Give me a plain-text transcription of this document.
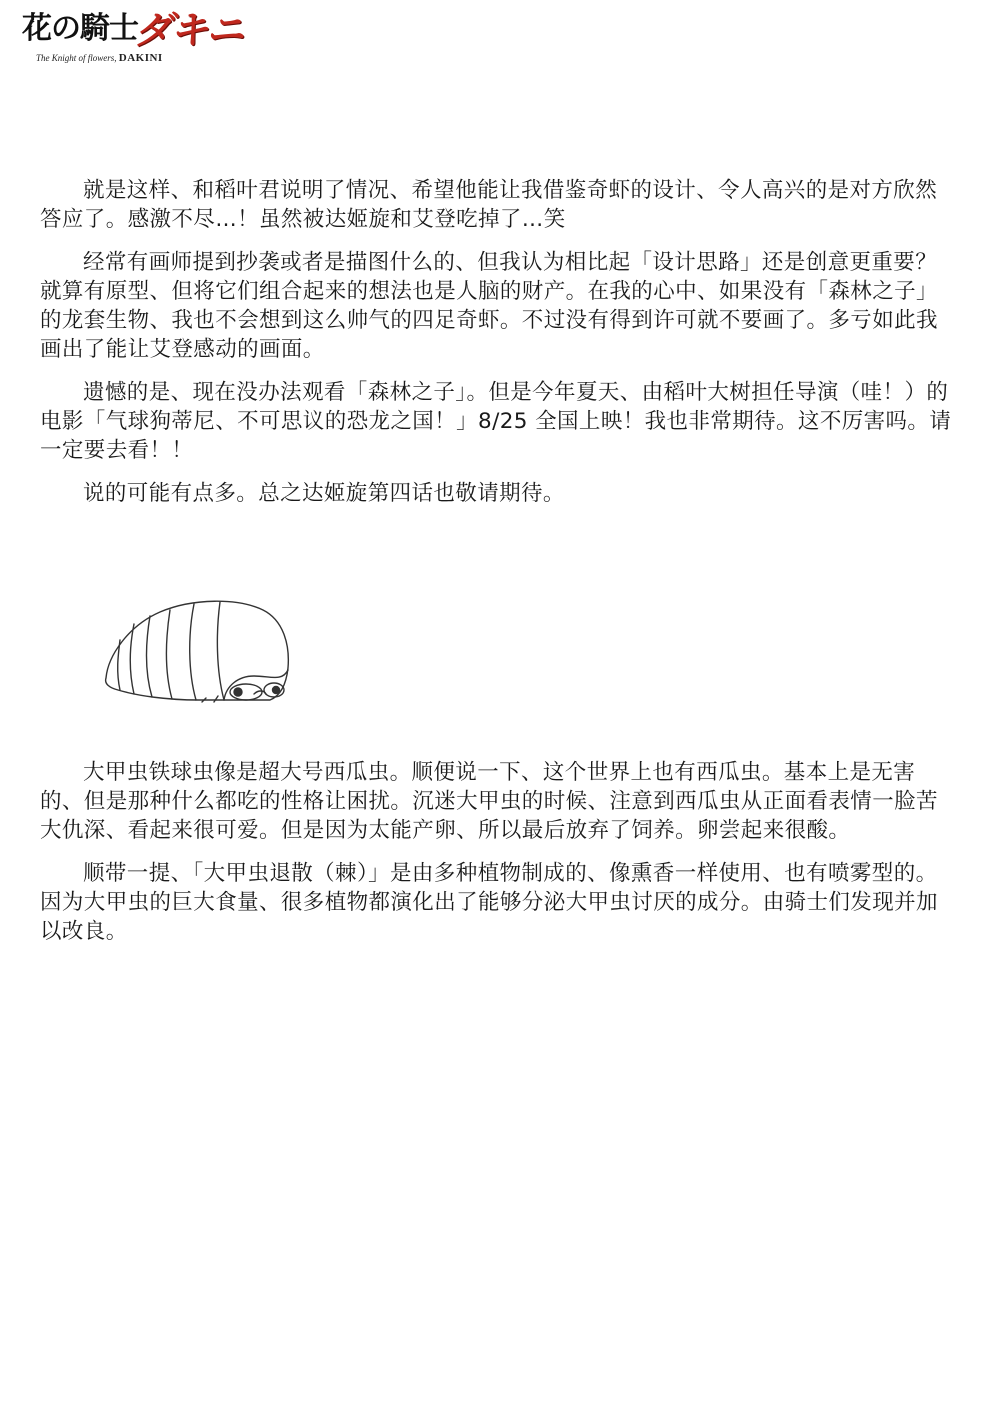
花の騎士
ダキニ
The Knight of flowers, DAKINI

就是这样、和稻叶君说明了情况、希望他能让我借鉴奇虾的设计、令人高兴的是对方欣然答应了。感激不尽…！虽然被达姬旋和艾登吃掉了…笑

经常有画师提到抄袭或者是描图什么的、但我认为相比起「设计思路」还是创意更重要？就算有原型、但将它们组合起来的想法也是人脑的财产。在我的心中、如果没有「森林之子」的龙套生物、我也不会想到这么帅气的四足奇虾。不过没有得到许可就不要画了。多亏如此我画出了能让艾登感动的画面。

遗憾的是、现在没办法观看「森林之子」。但是今年夏天、由稻叶大树担任导演（哇！）的电影「气球狗蒂尼、不可思议的恐龙之国！」8/25 全国上映！我也非常期待。这不厉害吗。请一定要去看！！

说的可能有点多。总之达姬旋第四话也敬请期待。

大甲虫铁球虫像是超大号西瓜虫。顺便说一下、这个世界上也有西瓜虫。基本上是无害的、但是那种什么都吃的性格让困扰。沉迷大甲虫的时候、注意到西瓜虫从正面看表情一脸苦大仇深、看起来很可爱。但是因为太能产卵、所以最后放弃了饲养。卵尝起来很酸。

顺带一提、「大甲虫退散（棘）」是由多种植物制成的、像熏香一样使用、也有喷雾型的。因为大甲虫的巨大食量、很多植物都演化出了能够分泌大甲虫讨厌的成分。由骑士们发现并加以改良。
